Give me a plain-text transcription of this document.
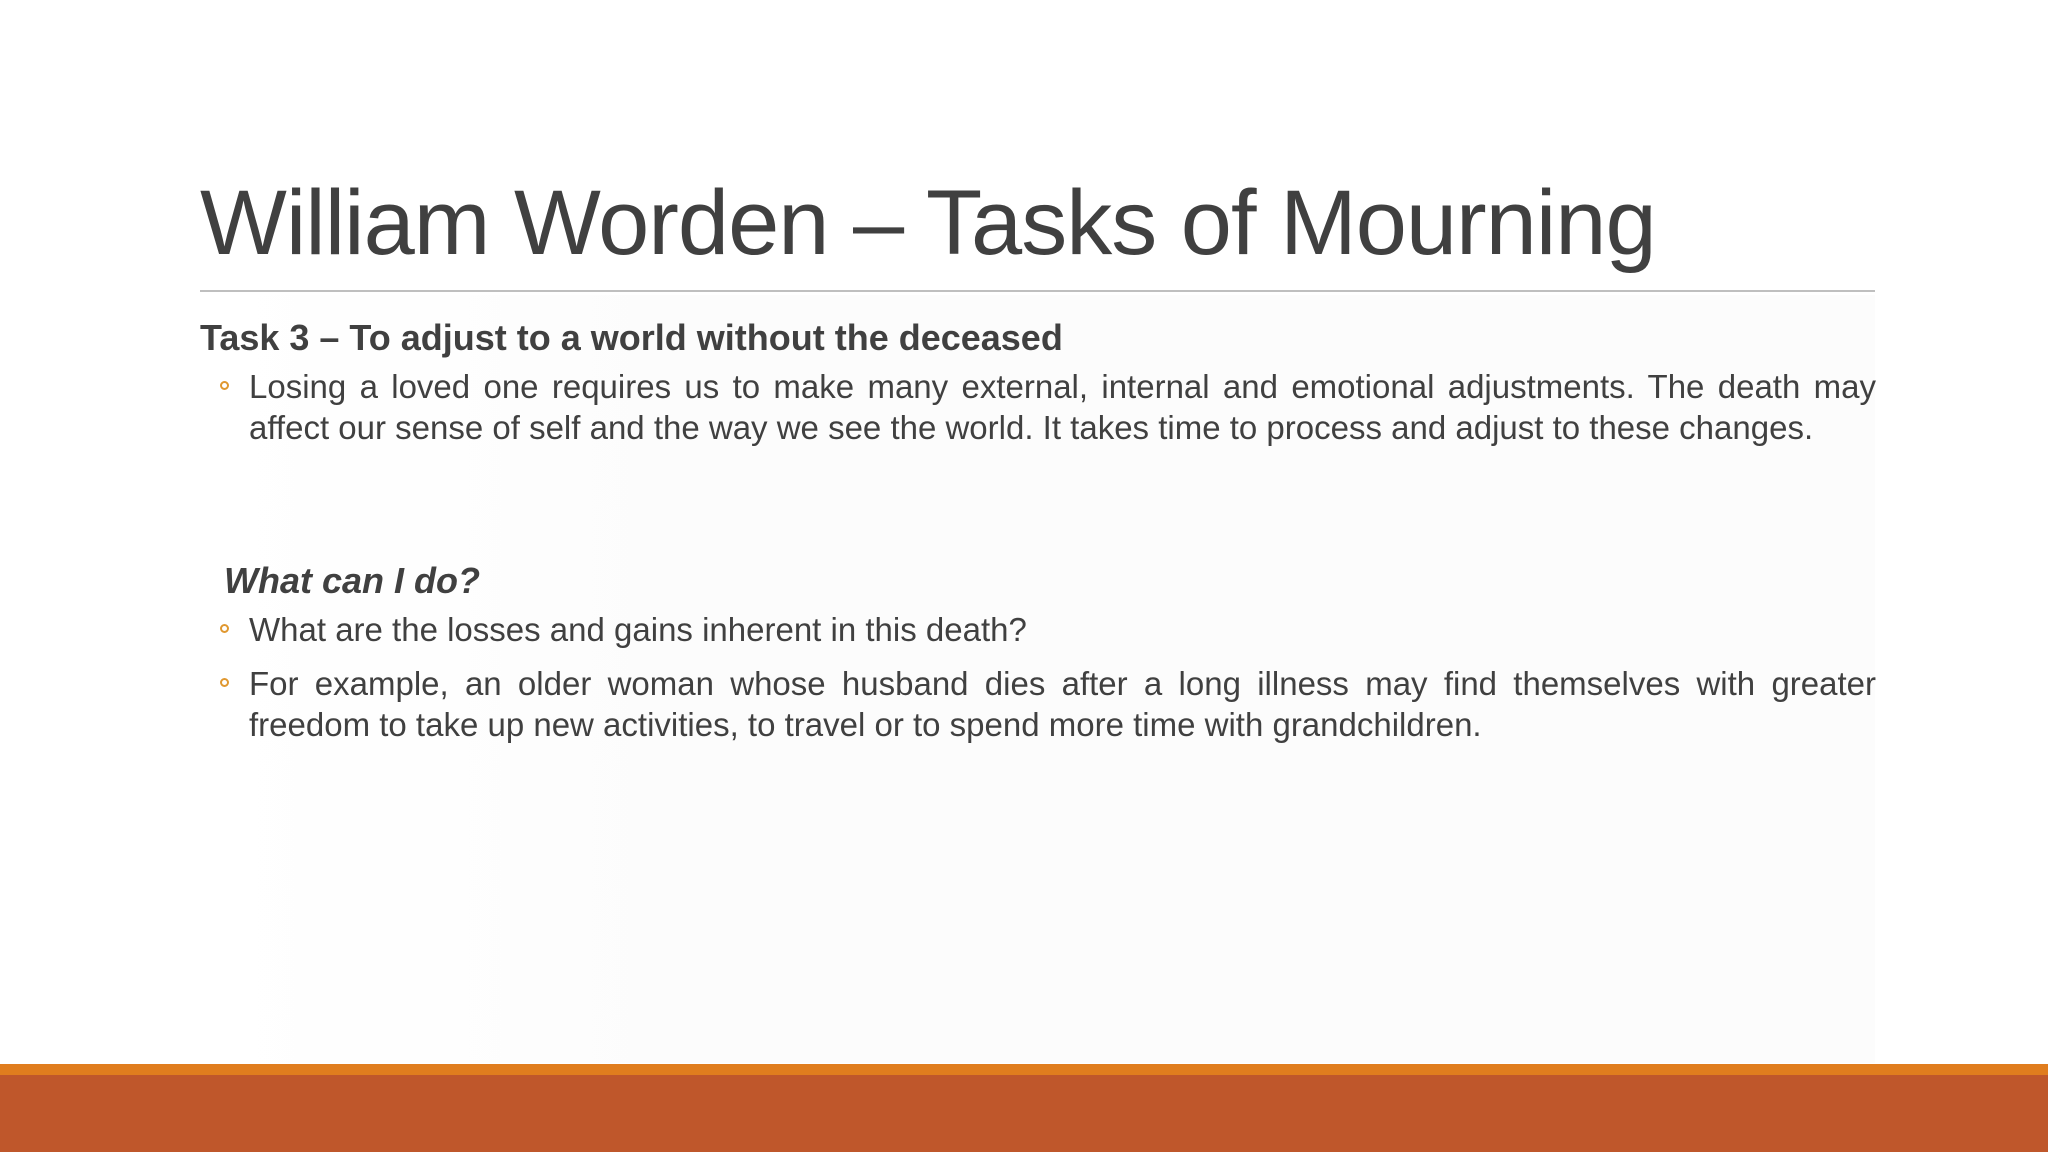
William Worden – Tasks of Mourning

Task 3 – To adjust to a world without the deceased

Losing a loved one requires us to make many external, internal and emotional adjustments. The death may affect our sense of self and the way we see the world. It takes time to process and adjust to these changes.

What can I do?

What are the losses and gains inherent in this death?
For example, an older woman whose husband dies after a long illness may find themselves with greater freedom to take up new activities, to travel or to spend more time with grandchildren.
